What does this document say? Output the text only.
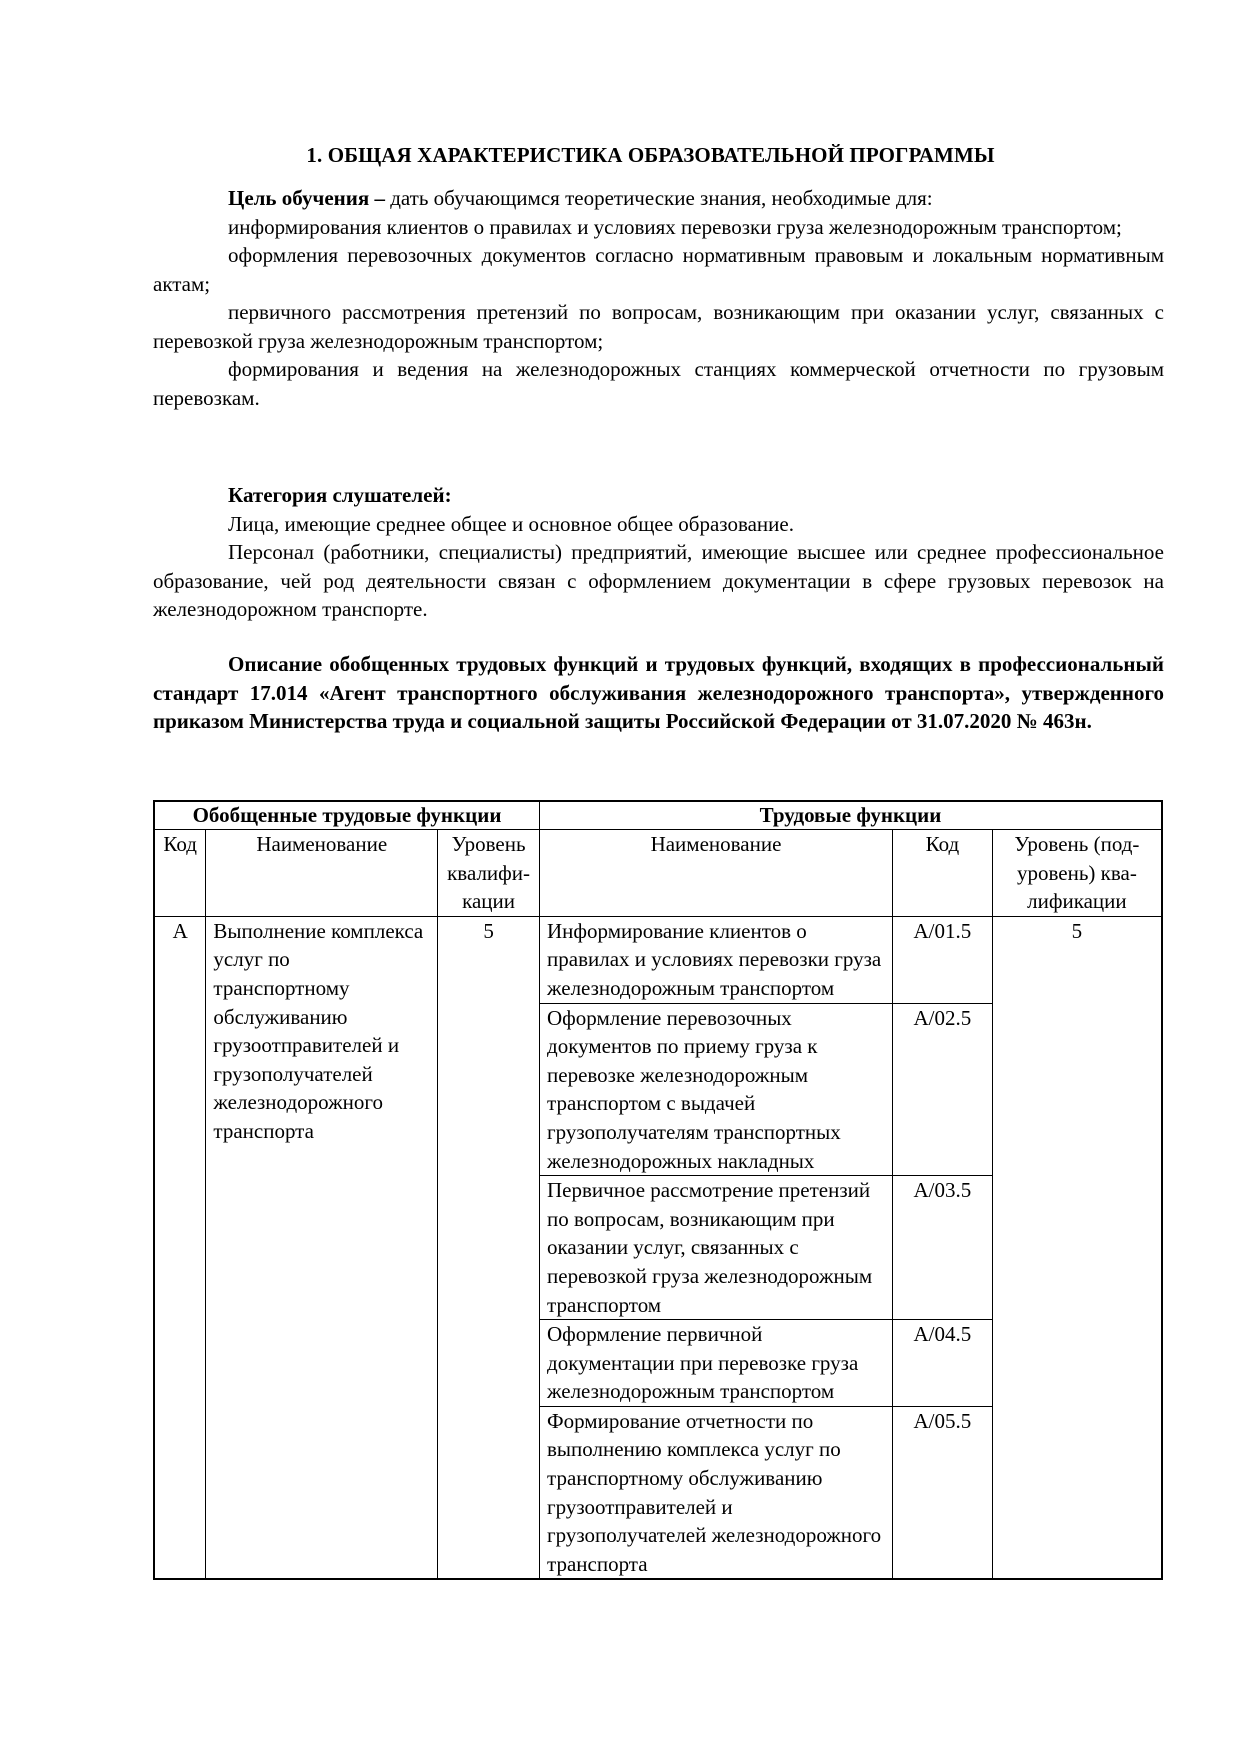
1. ОБЩАЯ ХАРАКТЕРИСТИКА ОБРАЗОВАТЕЛЬНОЙ ПРОГРАММЫ

Цель обучения – дать обучающимся теоретические знания, необходимые для:

информирования клиентов о правилах и условиях перевозки груза железнодорожным транспортом;

оформления перевозочных документов согласно нормативным правовым и локальным нормативным актам;

первичного рассмотрения претензий по вопросам, возникающим при оказании услуг, связанных с перевозкой груза железнодорожным транспортом;

формирования и ведения на железнодорожных станциях коммерческой отчетности по грузовым перевозкам.

Категория слушателей:

Лица, имеющие среднее общее и основное общее образование.

Персонал (работники, специалисты) предприятий, имеющие высшее или среднее профессиональное образование, чей род деятельности связан с оформлением документации в сфере грузовых перевозок на железнодорожном транспорте.

Описание обобщенных трудовых функций и трудовых функций, входящих в профессиональный стандарт 17.014 «Агент транспортного обслуживания железнодорожного транспорта», утвержденного приказом Министерства труда и социальной защиты Российской Федерации от 31.07.2020 № 463н.

Обобщенные трудовые функции			Трудовые функции		
Код	Наименование	Уровень квалифи-кации	Наименование	Код	Уровень (под-уровень) ква-лификации
А	Выполнение комплекса услуг по транспортному обслуживанию грузоотправителей и грузополучателей железнодорожного транспорта	5	Информирование клиентов о правилах и условиях перевозки груза железнодорожным транспортом	A/01.5	5
			Оформление перевозочных документов по приему груза к перевозке железнодорожным транспортом с выдачей грузополучателям транспортных железнодорожных накладных	A/02.5	
			Первичное рассмотрение претензий по вопросам, возникающим при оказании услуг, связанных с перевозкой груза железнодорожным транспортом	A/03.5	
			Оформление первичной документации при перевозке груза железнодорожным транспортом	A/04.5	
			Формирование отчетности по выполнению комплекса услуг по транспортному обслуживанию грузоотправителей и грузополучателей железнодорожного транспорта	A/05.5	
